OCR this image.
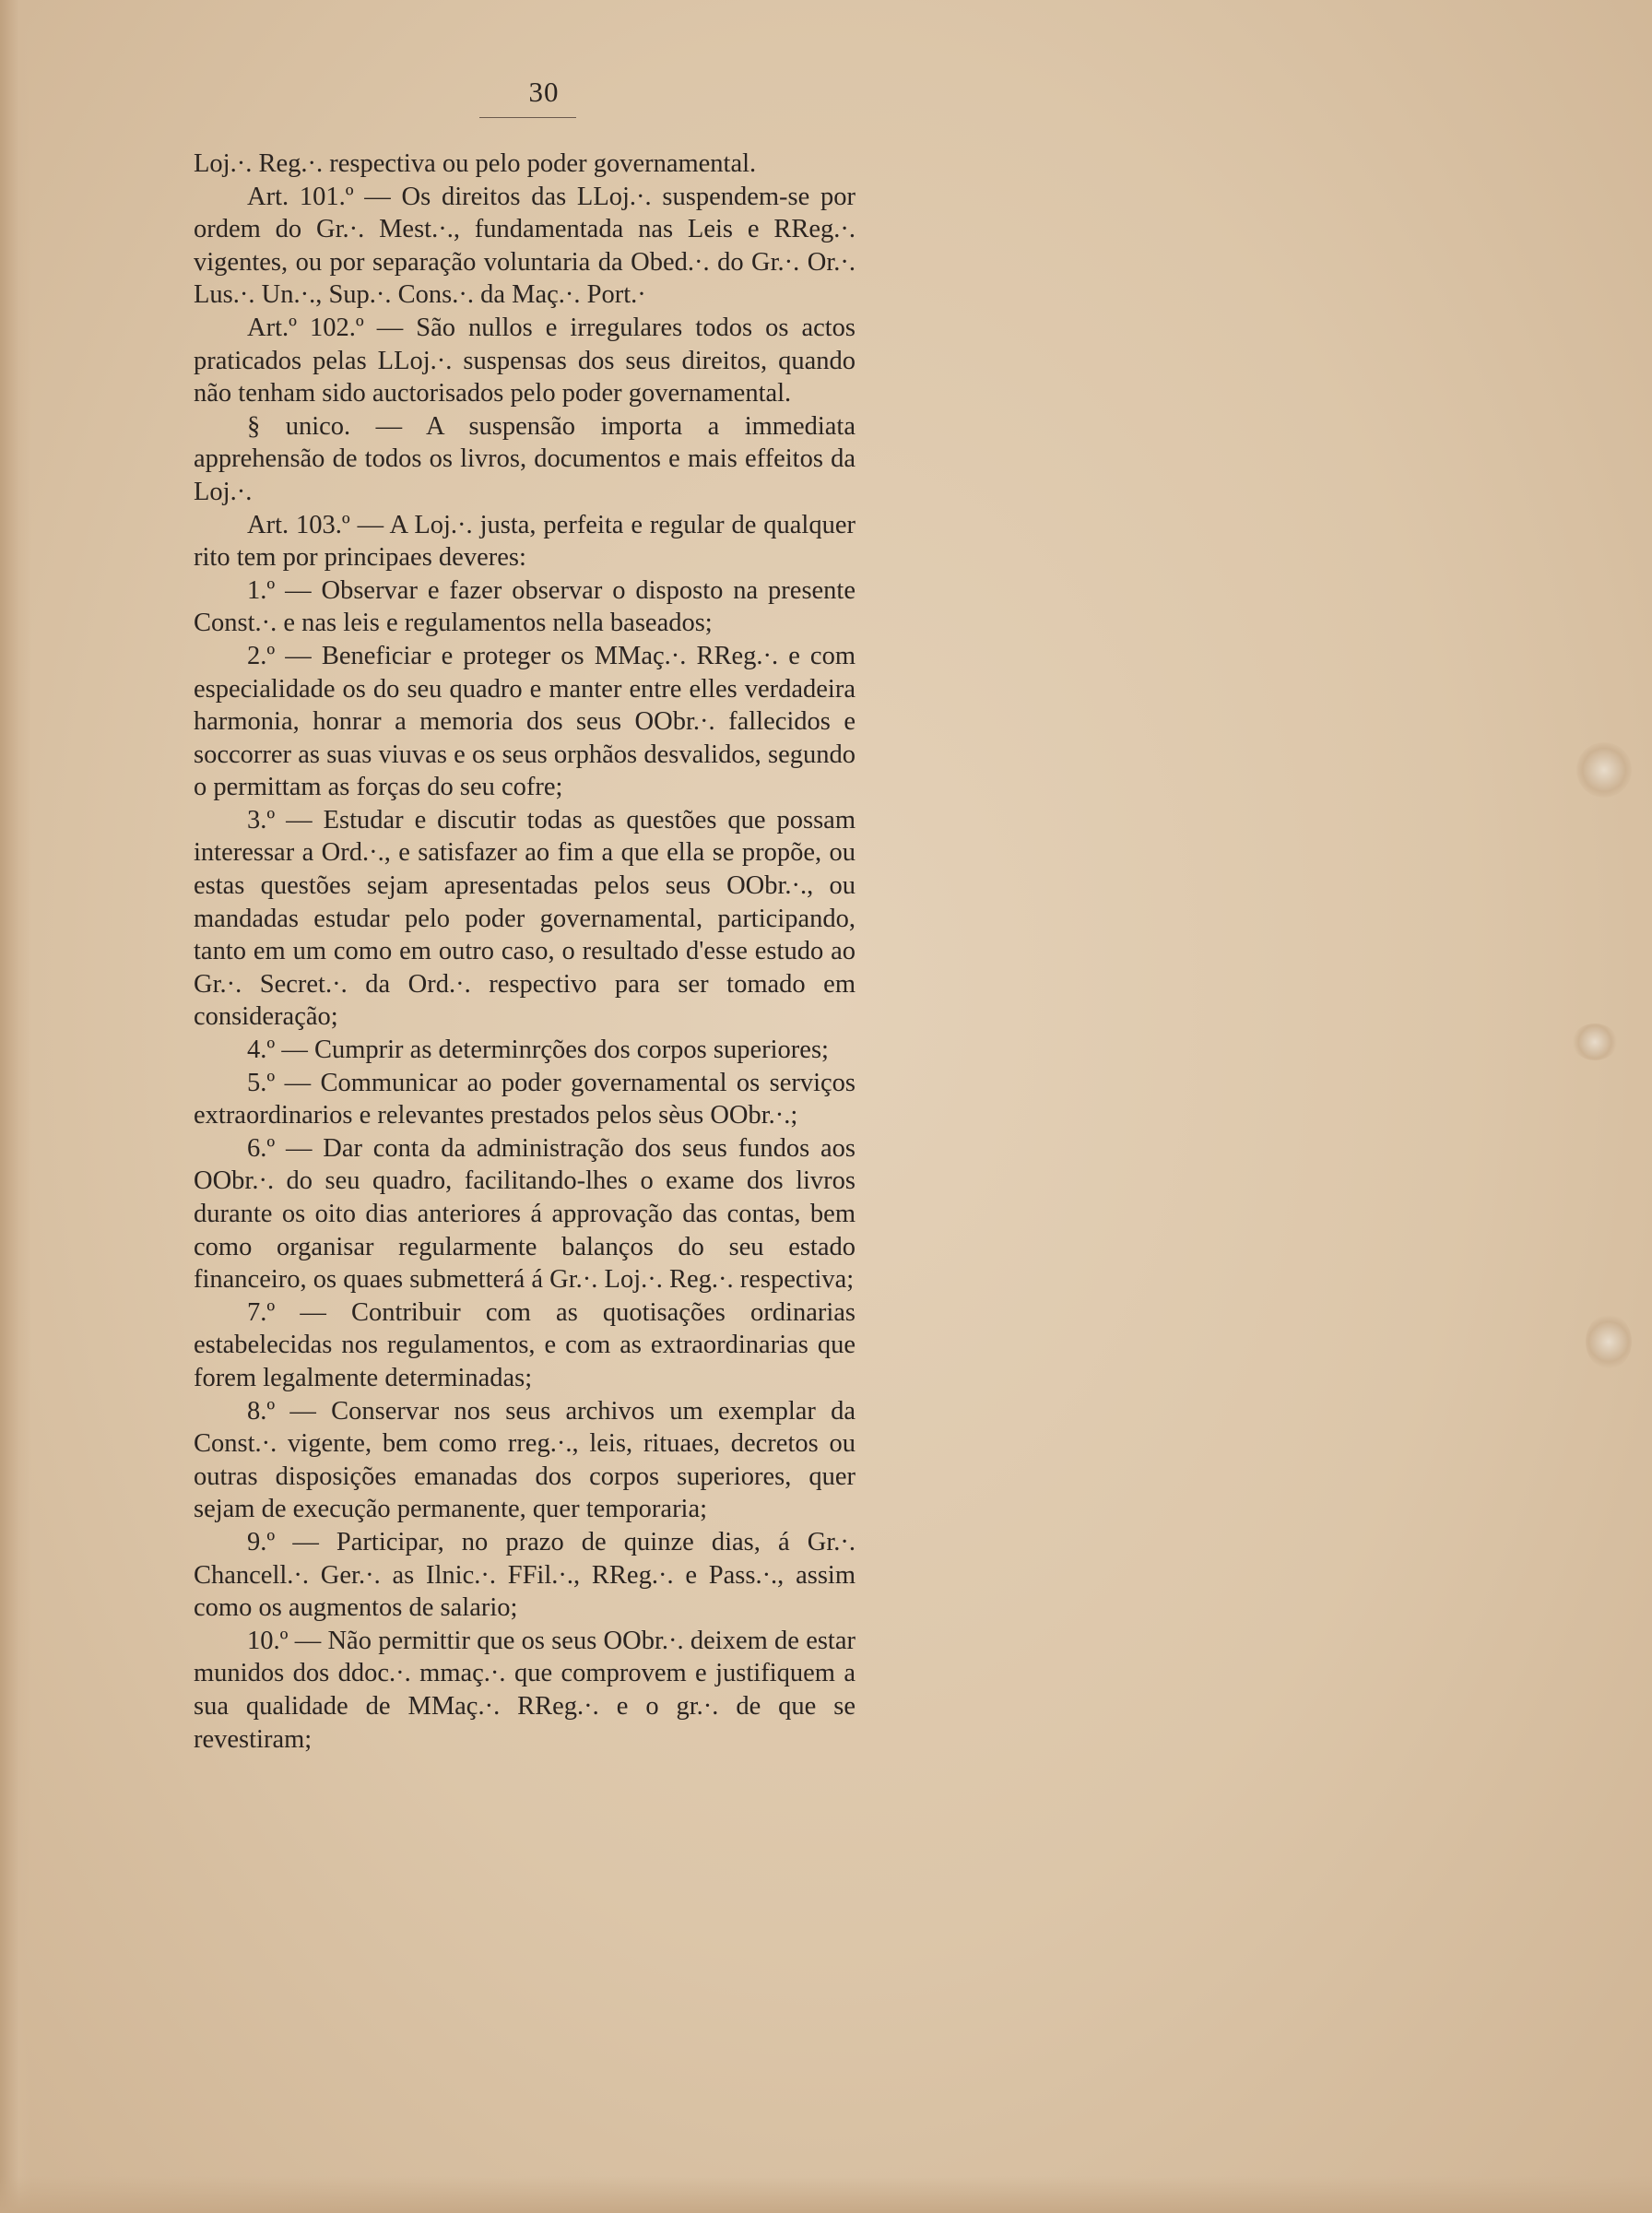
30

Loj.·. Reg.·. respectiva ou pelo poder governamental.

Art. 101.º — Os direitos das LLoj.·. suspendem-se por ordem do Gr.·. Mest.·., fundamentada nas Leis e RReg.·. vigentes, ou por separação voluntaria da Obed.·. do Gr.·. Or.·. Lus.·. Un.·., Sup.·. Cons.·. da Maç.·. Port.·

Art.º 102.º — São nullos e irregulares todos os actos praticados pelas LLoj.·. suspensas dos seus direitos, quando não tenham sido auctorisados pelo poder governamental.

§ unico. — A suspensão importa a immediata apprehensão de todos os livros, documentos e mais effeitos da Loj.·.

Art. 103.º — A Loj.·. justa, perfeita e regular de qualquer rito tem por principaes deveres:

1.º — Observar e fazer observar o disposto na presente Const.·. e nas leis e regulamentos nella baseados;

2.º — Beneficiar e proteger os MMaç.·. RReg.·. e com especialidade os do seu quadro e manter entre elles verdadeira harmonia, honrar a memoria dos seus OObr.·. fallecidos e soccorrer as suas viuvas e os seus orphãos desvalidos, segundo o permittam as forças do seu cofre;

3.º — Estudar e discutir todas as questões que possam interessar a Ord.·., e satisfazer ao fim a que ella se propõe, ou estas questões sejam apresentadas pelos seus OObr.·., ou mandadas estudar pelo poder governamental, participando, tanto em um como em outro caso, o resultado d'esse estudo ao Gr.·. Secret.·. da Ord.·. respectivo para ser tomado em consideração;

4.º — Cumprir as determinrções dos corpos superiores;

5.º — Communicar ao poder governamental os serviços extraordinarios e relevantes prestados pelos sèus OObr.·.;

6.º — Dar conta da administração dos seus fundos aos OObr.·. do seu quadro, facilitando-lhes o exame dos livros durante os oito dias anteriores á approvação das contas, bem como organisar regularmente balanços do seu estado financeiro, os quaes submetterá á Gr.·. Loj.·. Reg.·. respectiva;

7.º — Contribuir com as quotisações ordinarias estabelecidas nos regulamentos, e com as extraordinarias que forem legalmente determinadas;

8.º — Conservar nos seus archivos um exemplar da Const.·. vigente, bem como rreg.·., leis, rituaes, decretos ou outras disposições emanadas dos corpos superiores, quer sejam de execução permanente, quer temporaria;

9.º — Participar, no prazo de quinze dias, á Gr.·. Chancell.·. Ger.·. as Ilnic.·. FFil.·., RReg.·. e Pass.·., assim como os augmentos de salario;

10.º — Não permittir que os seus OObr.·. deixem de estar munidos dos ddoc.·. mmaç.·. que comprovem e justifiquem a sua qualidade de MMaç.·. RReg.·. e o gr.·. de que se revestiram;
